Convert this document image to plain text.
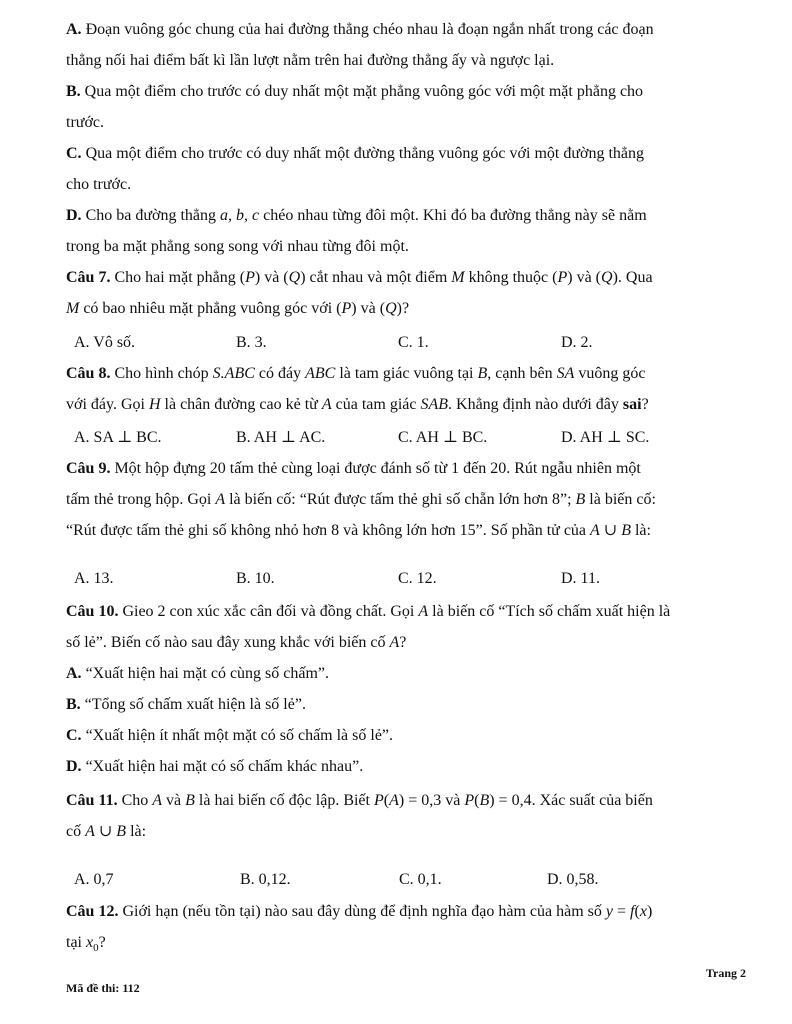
A. Đoạn vuông góc chung của hai đường thẳng chéo nhau là đoạn ngắn nhất trong các đoạn
thẳng nối hai điểm bất kì lần lượt nằm trên hai đường thẳng ấy và ngược lại.
B. Qua một điểm cho trước có duy nhất một mặt phẳng vuông góc với một mặt phẳng cho
trước.
C. Qua một điểm cho trước có duy nhất một đường thẳng vuông góc với một đường thẳng
cho trước.
D. Cho ba đường thẳng a, b, c chéo nhau từng đôi một. Khi đó ba đường thẳng này sẽ nằm
trong ba mặt phẳng song song với nhau từng đôi một.
Câu 7. Cho hai mặt phẳng (P) và (Q) cắt nhau và một điểm M không thuộc (P) và (Q). Qua
M có bao nhiêu mặt phẳng vuông góc với (P) và (Q)?
A. Vô số.	B. 3.	C. 1.	D. 2.
Câu 8. Cho hình chóp S.ABC có đáy ABC là tam giác vuông tại B, cạnh bên SA vuông góc
với đáy. Gọi H là chân đường cao kẻ từ A của tam giác SAB. Khẳng định nào dưới đây sai?
A. SA ⊥ BC.	B. AH ⊥ AC.	C. AH ⊥ BC.	D. AH ⊥ SC.
Câu 9. Một hộp đựng 20 tấm thẻ cùng loại được đánh số từ 1 đến 20. Rút ngẫu nhiên một
tấm thẻ trong hộp. Gọi A là biến cố: “Rút được tấm thẻ ghi số chẵn lớn hơn 8”; B là biến cố:
“Rút được tấm thẻ ghi số không nhỏ hơn 8 và không lớn hơn 15”. Số phần tử của A ∪ B là:
A. 13.	B. 10.	C. 12.	D. 11.
Câu 10. Gieo 2 con xúc xắc cân đối và đồng chất. Gọi A là biến cố “Tích số chấm xuất hiện là
số lẻ”. Biến cố nào sau đây xung khắc với biến cố A?
A. “Xuất hiện hai mặt có cùng số chấm”.
B. “Tổng số chấm xuất hiện là số lẻ”.
C. “Xuất hiện ít nhất một mặt có số chấm là số lẻ”.
D. “Xuất hiện hai mặt có số chấm khác nhau”.
Câu 11. Cho A và B là hai biến cố độc lập. Biết P(A) = 0,3 và P(B) = 0,4. Xác suất của biến
cố A ∪ B là:
A. 0,7	B. 0,12.	C. 0,1.	D. 0,58.
Câu 12. Giới hạn (nếu tồn tại) nào sau đây dùng để định nghĩa đạo hàm của hàm số y = f(x)
tại $x_0$?
Trang 2
Mã đề thi: 112
